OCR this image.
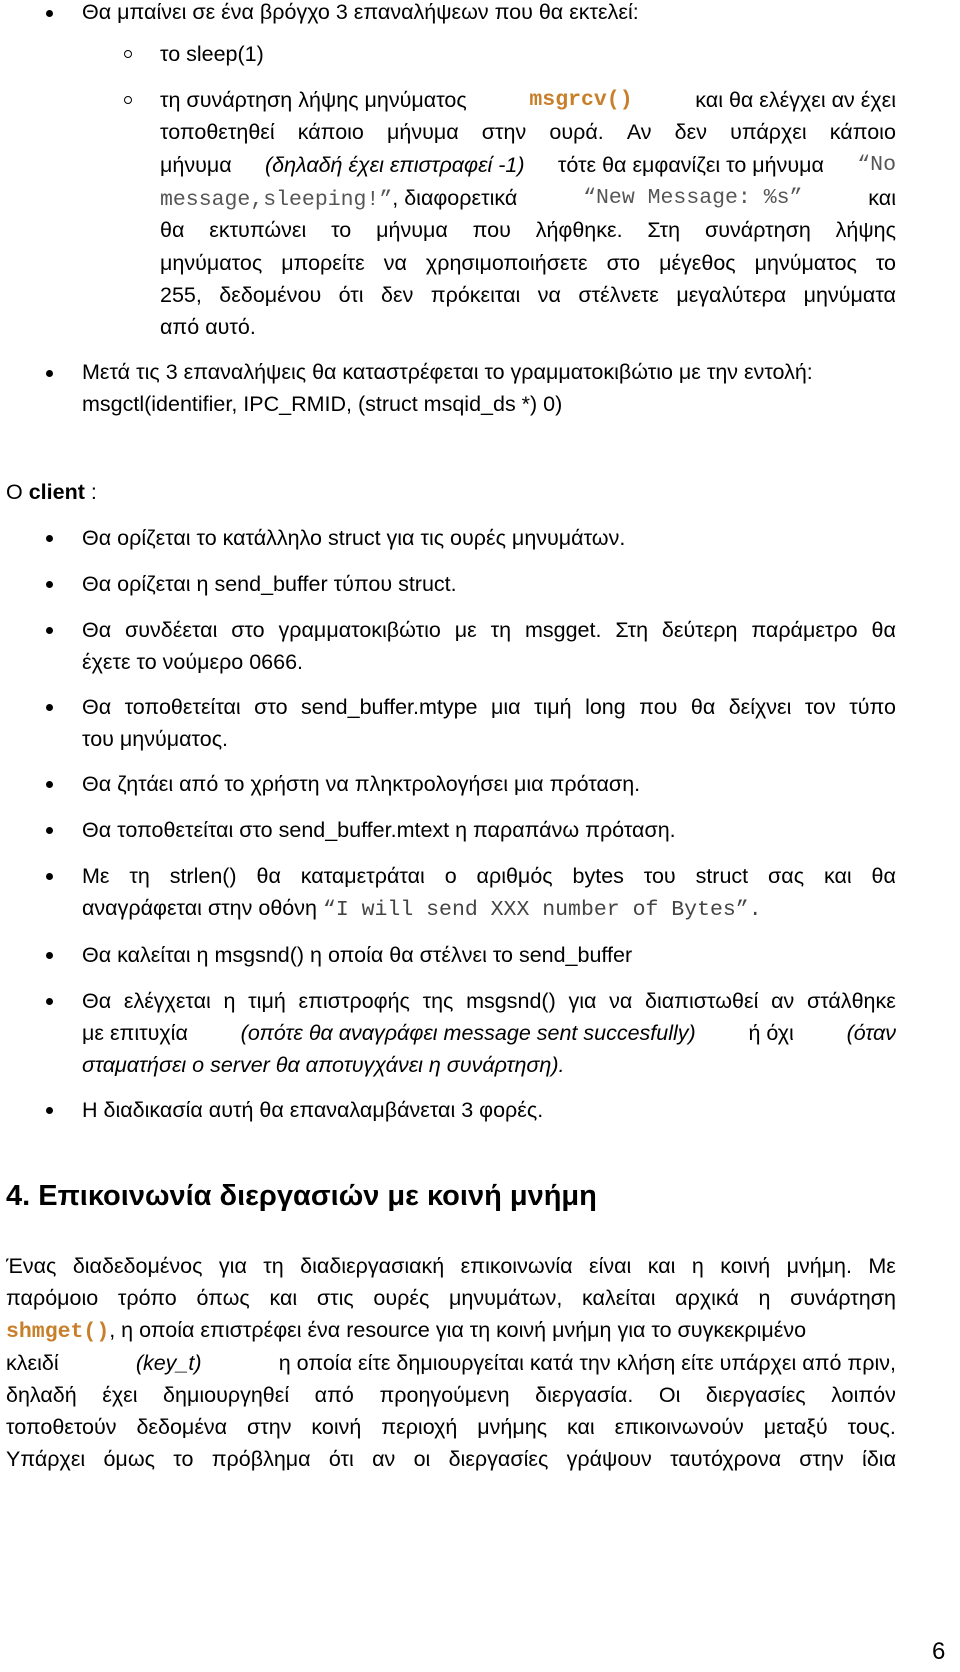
Θα μπαίνει σε ένα βρόγχο 3 επαναλήψεων που θα εκτελεί:
το sleep(1)
τη συνάρτηση λήψης μηνύματος	msgrcv()	και θα ελέγχει αν έχει
τοποθετηθεί κάποιο μήνυμα στην ουρά. Αν δεν υπάρχει κάποιο
μήνυμα (δηλαδή έχει επιστραφεί -1) τότε θα εμφανίζει το μήνυμα “No
message,sleeping!”, διαφορετικά	“New Message: %s”	και
θα εκτυπώνει το μήνυμα που λήφθηκε. Στη συνάρτηση λήψης
μηνύματος μπορείτε να χρησιμοποιήσετε στο μέγεθος μηνύματος το
255, δεδομένου ότι δεν πρόκειται να στέλνετε μεγαλύτερα μηνύματα
από αυτό.
Μετά τις 3 επαναλήψεις θα καταστρέφεται το γραμματοκιβώτιο με την εντολή:
msgctl(identifier, IPC_RMID, (struct msqid_ds *) 0)
Ο client :
Θα ορίζεται το κατάλληλο struct για τις ουρές μηνυμάτων.
Θα ορίζεται η send_buffer τύπου struct.
Θα συνδέεται στο γραμματοκιβώτιο με τη msgget. Στη δεύτερη παράμετρο θα
έχετε το νούμερο 0666.
Θα τοποθετείται στο send_buffer.mtype μια τιμή long που θα δείχνει τον τύπο
του μηνύματος.
Θα ζητάει από το χρήστη να πληκτρολογήσει μια πρόταση.
Θα τοποθετείται στο send_buffer.mtext η παραπάνω πρόταση.
Με τη strlen() θα καταμετράται ο αριθμός bytes του struct σας και θα
αναγράφεται στην οθόνη “I will send XXX number of Bytes”.
Θα καλείται η msgsnd() η οποία θα στέλνει το send_buffer
Θα ελέγχεται η τιμή επιστροφής της msgsnd() για να διαπιστωθεί αν στάλθηκε
με επιτυχία (οπότε θα αναγράφει message sent succesfully) ή όχι (όταν
σταματήσει ο server θα αποτυγχάνει η συνάρτηση).
Η διαδικασία αυτή θα επαναλαμβάνεται 3 φορές.
4. Επικοινωνία διεργασιών με κοινή μνήμη
Ένας διαδεδομένος για τη διαδιεργασιακή επικοινωνία είναι και η κοινή μνήμη. Με
παρόμοιο τρόπο όπως και στις ουρές μηνυμάτων, καλείται αρχικά η συνάρτηση
shmget(), η οποία επιστρέφει ένα resource για τη κοινή μνήμη για το συγκεκριμένο
κλειδί	(key_t)	η οποία είτε δημιουργείται κατά την κλήση είτε υπάρχει από πριν,
δηλαδή έχει δημιουργηθεί από προηγούμενη διεργασία. Οι διεργασίες λοιπόν
τοποθετούν δεδομένα στην κοινή περιοχή μνήμης και επικοινωνούν μεταξύ τους.
Υπάρχει όμως το πρόβλημα ότι αν οι διεργασίες γράψουν ταυτόχρονα στην ίδια
6
